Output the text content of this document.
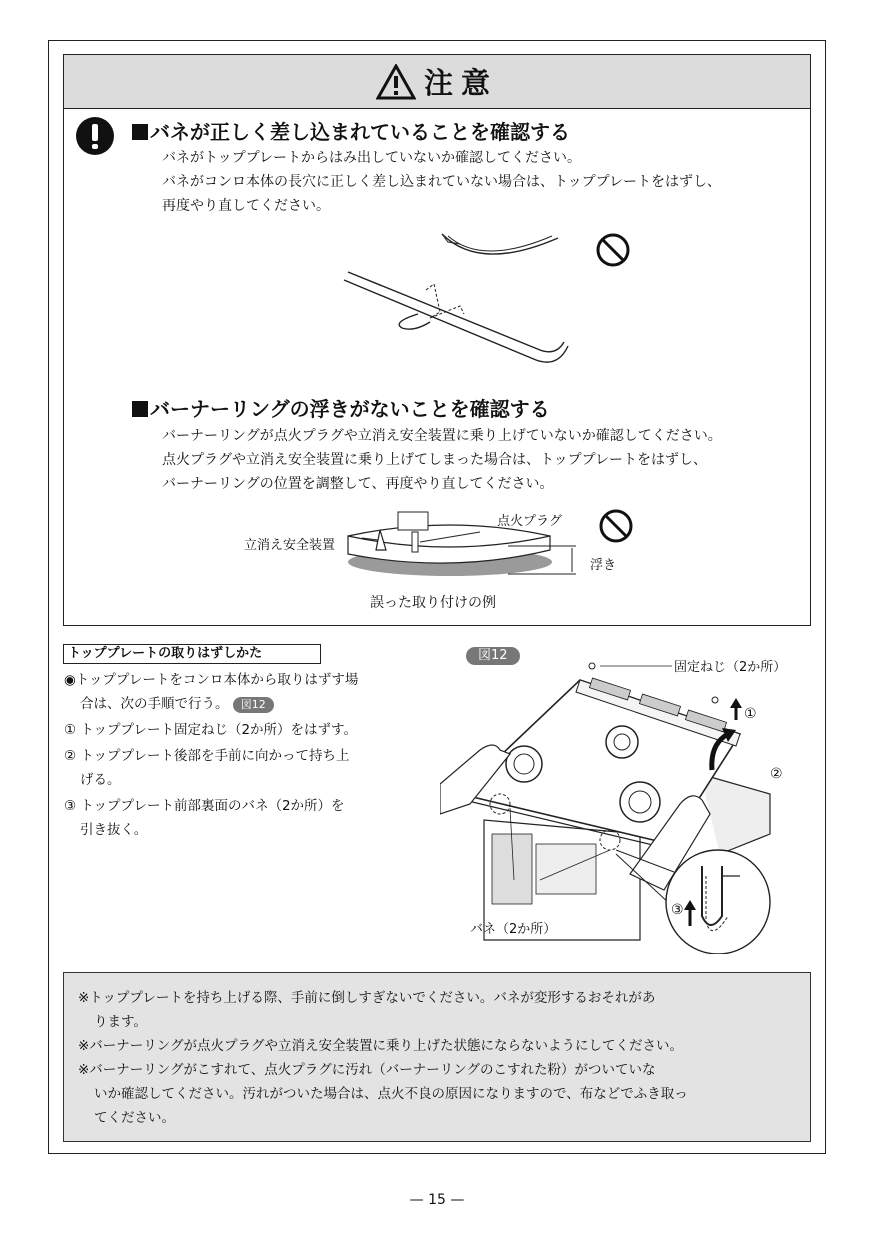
注意
バネが正しく差し込まれていることを確認する
バネがトッププレートからはみ出していないか確認してください。
バネがコンロ本体の長穴に正しく差し込まれていない場合は、トッププレートをはずし、
再度やり直してください。
バーナーリングの浮きがないことを確認する
バーナーリングが点火プラグや立消え安全装置に乗り上げていないか確認してください。
点火プラグや立消え安全装置に乗り上げてしまった場合は、トッププレートをはずし、
バーナーリングの位置を調整して、再度やり直してください。
点火プラグ
立消え安全装置
浮き
誤った取り付けの例
トッププレートの取りはずしかた
◉トッププレートをコンロ本体から取りはずす場
合は、次の手順で行う。 図12
① トッププレート固定ねじ（2か所）をはずす。
② トッププレート後部を手前に向かって持ち上
げる。
③ トッププレート前部裏面のバネ（2か所）を
引き抜く。
図12
固定ねじ（2か所）
①
②
③
バネ（2か所）
※トッププレートを持ち上げる際、手前に倒しすぎないでください。バネが変形するおそれがあ
ります。
※バーナーリングが点火プラグや立消え安全装置に乗り上げた状態にならないようにしてください。
※バーナーリングがこすれて、点火プラグに汚れ（バーナーリングのこすれた粉）がついていな
いか確認してください。汚れがついた場合は、点火不良の原因になりますので、布などでふき取っ
てください。
— 15 —
